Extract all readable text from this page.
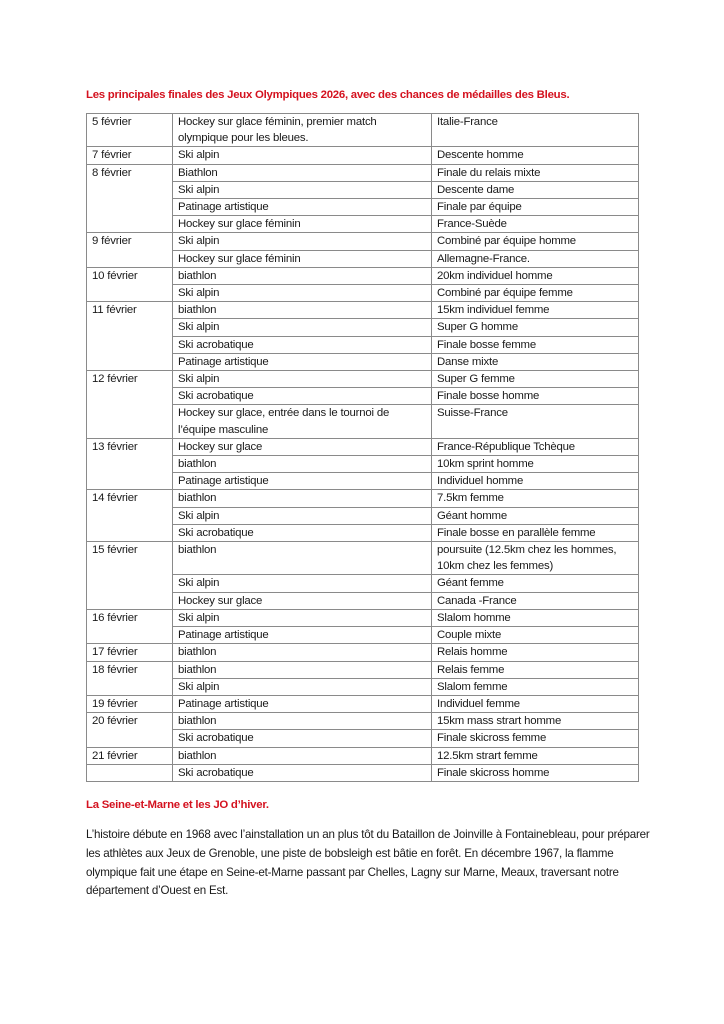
Les principales finales des Jeux Olympiques 2026, avec des chances de médailles des Bleus.
5 février	Hockey sur glace féminin, premier match olympique pour les bleues.	Italie-France
7 février	Ski alpin	Descente homme
8 février	Biathlon	Finale du relais mixte
	Ski alpin	Descente dame
	Patinage artistique	Finale par équipe
	Hockey sur glace féminin	France-Suède
9 février	Ski alpin	Combiné par équipe homme
	Hockey sur glace féminin	Allemagne-France.
10 février	biathlon	20km individuel homme
	Ski alpin	Combiné par équipe femme
11 février	biathlon	15km individuel femme
	Ski alpin	Super G homme
	Ski acrobatique	Finale bosse femme
	Patinage artistique	Danse mixte
12 février	Ski alpin	Super G femme
	Ski acrobatique	Finale bosse homme
	Hockey sur glace, entrée dans le tournoi de l’équipe masculine	Suisse-France
13 février	Hockey sur glace	France-République Tchèque
	biathlon	10km sprint homme
	Patinage artistique	Individuel homme
14 février	biathlon	7.5km femme
	Ski alpin	Géant homme
	Ski acrobatique	Finale bosse en parallèle femme
15 février	biathlon	poursuite (12.5km chez les hommes, 10km chez les femmes)
	Ski alpin	Géant femme
	Hockey sur glace	Canada -France
16 février	Ski alpin	Slalom homme
	Patinage artistique	Couple mixte
17 février	biathlon	Relais homme
18 février	biathlon	Relais femme
	Ski alpin	Slalom femme
19 février	Patinage artistique	Individuel femme
20 février	biathlon	15km mass strart homme
	Ski acrobatique	Finale skicross femme
21 février	biathlon	12.5km strart femme
	Ski acrobatique	Finale skicross homme
La Seine-et-Marne et les JO d’hiver.
L’histoire débute en 1968 avec l’ainstallation un an plus tôt du Bataillon de Joinville à Fontainebleau, pour préparer les athlètes aux Jeux de Grenoble, une piste de bobsleigh est bâtie en forêt. En décembre 1967, la flamme olympique fait une étape en Seine-et-Marne passant par Chelles, Lagny sur Marne, Meaux, traversant notre département d’Ouest en Est.
